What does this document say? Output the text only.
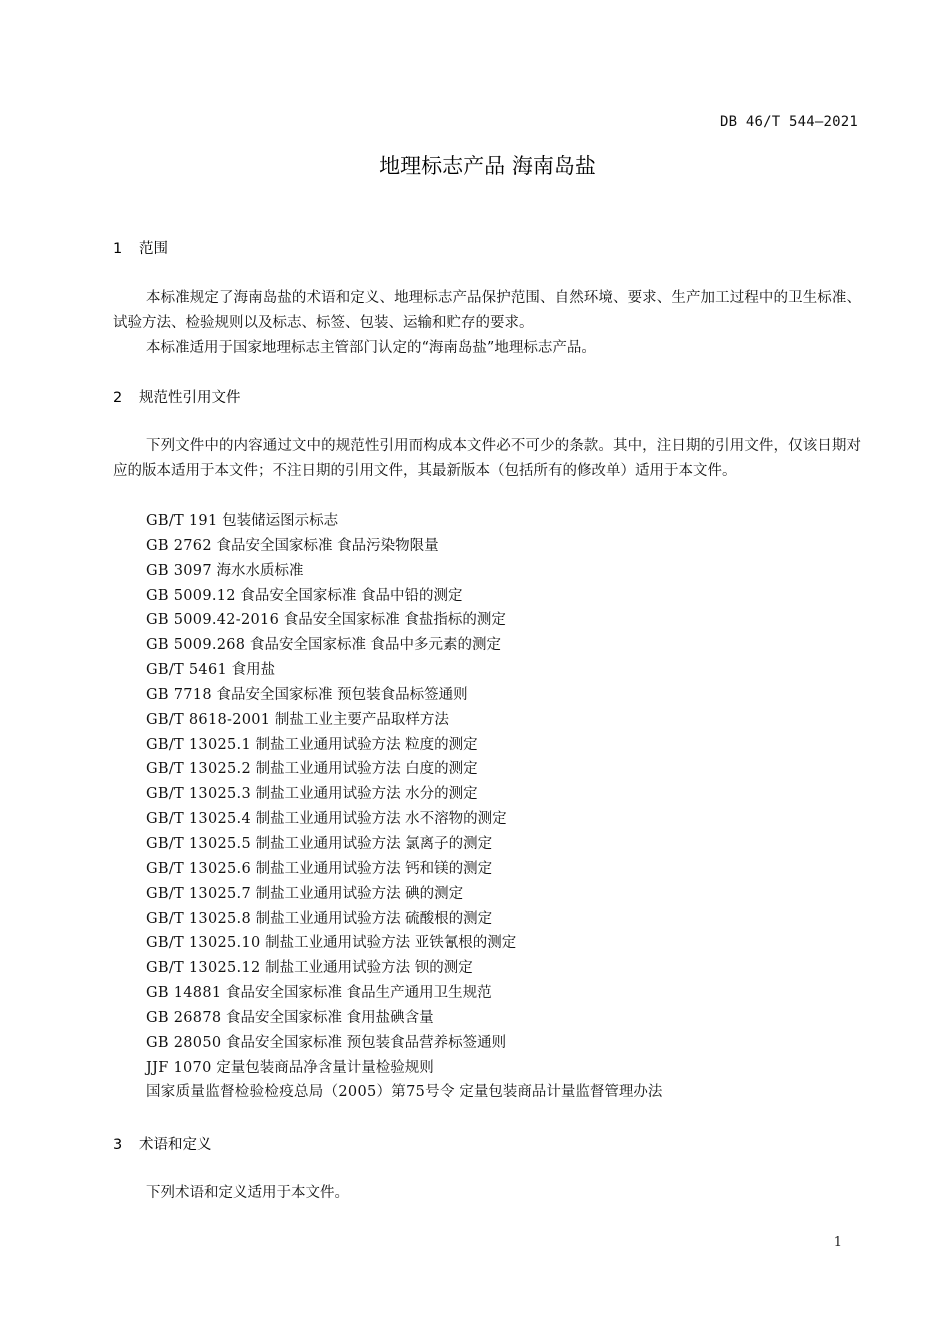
DB 46/T 544—2021
地理标志产品 海南岛盐
1 范围

本标准规定了海南岛盐的术语和定义、地理标志产品保护范围、自然环境、要求、生产加工过程中的卫生标准、试验方法、检验规则以及标志、标签、包装、运输和贮存的要求。

本标准适用于国家地理标志主管部门认定的“海南岛盐”地理标志产品。

2 规范性引用文件

下列文件中的内容通过文中的规范性引用而构成本文件必不可少的条款。其中，注日期的引用文件，仅该日期对应的版本适用于本文件；不注日期的引用文件，其最新版本（包括所有的修改单）适用于本文件。

GB/T 191 包装储运图示标志
GB 2762 食品安全国家标准 食品污染物限量
GB 3097 海水水质标准
GB 5009.12 食品安全国家标准 食品中铅的测定
GB 5009.42-2016 食品安全国家标准 食盐指标的测定
GB 5009.268 食品安全国家标准 食品中多元素的测定
GB/T 5461 食用盐
GB 7718 食品安全国家标准 预包装食品标签通则
GB/T 8618-2001 制盐工业主要产品取样方法
GB/T 13025.1 制盐工业通用试验方法 粒度的测定
GB/T 13025.2 制盐工业通用试验方法 白度的测定
GB/T 13025.3 制盐工业通用试验方法 水分的测定
GB/T 13025.4 制盐工业通用试验方法 水不溶物的测定
GB/T 13025.5 制盐工业通用试验方法 氯离子的测定
GB/T 13025.6 制盐工业通用试验方法 钙和镁的测定
GB/T 13025.7 制盐工业通用试验方法 碘的测定
GB/T 13025.8 制盐工业通用试验方法 硫酸根的测定
GB/T 13025.10 制盐工业通用试验方法 亚铁氰根的测定
GB/T 13025.12 制盐工业通用试验方法 钡的测定
GB 14881 食品安全国家标准 食品生产通用卫生规范
GB 26878 食品安全国家标准 食用盐碘含量
GB 28050 食品安全国家标准 预包装食品营养标签通则
JJF 1070 定量包装商品净含量计量检验规则
国家质量监督检验检疫总局（2005）第75号令 定量包装商品计量监督管理办法
3 术语和定义

下列术语和定义适用于本文件。

1
